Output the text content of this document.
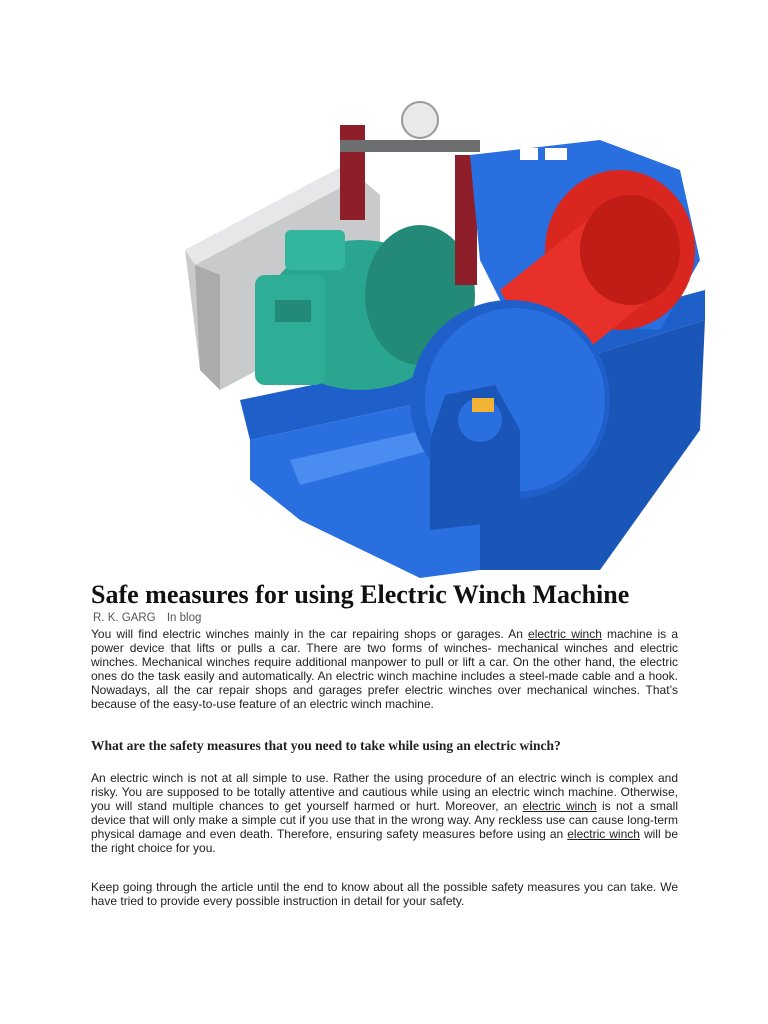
Safe measures for using Electric Winch Machine
R. K. GARG In blog

You will find electric winches mainly in the car repairing shops or garages. An electric winch machine is a power device that lifts or pulls a car. There are two forms of winches- mechanical winches and electric winches. Mechanical winches require additional manpower to pull or lift a car. On the other hand, the electric ones do the task easily and automatically. An electric winch machine includes a steel-made cable and a hook. Nowadays, all the car repair shops and garages prefer electric winches over mechanical winches. That’s because of the easy-to-use feature of an electric winch machine.

What are the safety measures that you need to take while using an electric winch?

An electric winch is not at all simple to use. Rather the using procedure of an electric winch is complex and risky. You are supposed to be totally attentive and cautious while using an electric winch machine. Otherwise, you will stand multiple chances to get yourself harmed or hurt. Moreover, an electric winch is not a small device that will only make a simple cut if you use that in the wrong way. Any reckless use can cause long-term physical damage and even death. Therefore, ensuring safety measures before using an electric winch will be the right choice for you.

Keep going through the article until the end to know about all the possible safety measures you can take. We have tried to provide every possible instruction in detail for your safety.
